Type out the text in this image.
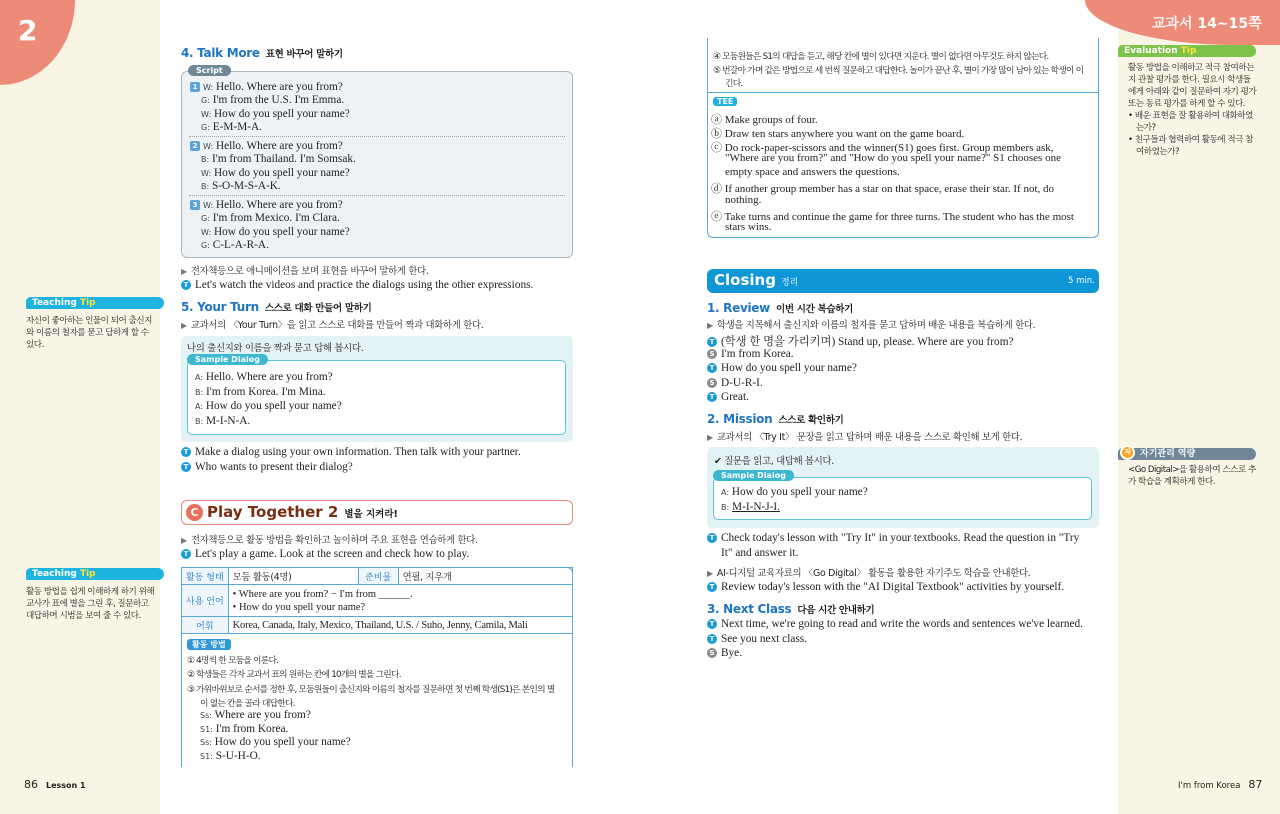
2	교과서 14~15쪽
Teaching Tip
자신이 좋아하는 인물이 되어 출신지
와 이름의 철자를 묻고 답하게 할 수
있다.
Teaching Tip
활동 방법을 쉽게 이해하게 하기 위해
교사가 표에 별을 그린 후, 질문하고
대답하며 시범을 보여 줄 수 있다.
Evaluation Tip
활동 방법을 이해하고 적극 참여하는
지 관찰 평가를 한다. 필요시 학생들
에게 아래와 같이 질문하여 자기 평가
또는 동료 평가를 하게 할 수 있다.
• 배운 표현을 잘 활용하여 대화하였
는가?
• 친구들과 협력하여 활동에 적극 참
여하였는가?
자기관리 역량
자
<Go Digital>을 활용하여 스스로 추
가 학습을 계획하게 한다.
4. Talk More 표현 바꾸어 말하기
Script
▶ 전자책등으로 애니메이션을 보며 표현을 바꾸어 말하게 한다.
T Let's watch the videos and practice the dialogs using the other expressions.
5. Your Turn 스스로 대화 만들어 말하기
▶ 교과서의 〈Your Turn〉을 읽고 스스로 대화를 만들어 짝과 대화하게 한다.
나의 출신지와 이름을 짝과 묻고 답해 봅시다.
Sample Dialog
T Make a dialog using your own information. Then talk with your partner.
T Who wants to present their dialog?
C Play Together 2 별을 지켜라!
▶ 전자책등으로 활동 방법을 확인하고 놀이하며 주요 표현을 연습하게 한다.
T Let's play a game. Look at the screen and check how to play.
활동 형태	모둠 활동(4명)	준비물	연필, 지우개
사용 언어	• Where are you from? − I'm from ______.
• How do you spell your name?		

어휘	Korea, Canada, Italy, Mexico, Thailand, U.S. / Suho, Jenny, Camila, Mali		
활동 방법
TEE
Closing 정리	5 min.
1. Review 이번 시간 복습하기
▶ 학생을 지목해서 출신지와 이름의 철자를 묻고 답하며 배운 내용을 복습하게 한다.
2. Mission 스스로 확인하기
▶ 교과서의 〈Try It〉 문장을 읽고 답하며 배운 내용을 스스로 확인해 보게 한다.
✔ 질문을 읽고, 대답해 봅시다.
Sample Dialog
A: How do you spell your name?
B: M-I-N-J-I.
T Check today's lesson with "Try It" in your textbooks. Read the question in "Try
It" and answer it.
▶ AI-디지털 교육자료의 〈Go Digital〉 활동을 활용한 자기주도 학습을 안내한다.
T Review today's lesson with the "AI Digital Textbook" activities by yourself.
3. Next Class 다음 시간 안내하기
86 Lesson 1	I'm from Korea 87
1 W: Hello. Where are you from?
G: I'm from the U.S. I'm Emma.
W: How do you spell your name?
G: E-M-M-A.
2 W: Hello. Where are you from?
B: I'm from Thailand. I'm Somsak.
W: How do you spell your name?
B: S-O-M-S-A-K.
3 W: Hello. Where are you from?
G: I'm from Mexico. I'm Clara.
W: How do you spell your name?
G: C-L-A-R-A.
A: Hello. Where are you from?
B: I'm from Korea. I'm Mina.
A: How do you spell your name?
B: M-I-N-A.
① 4명씩 한 모둠을 이룬다.
② 학생들은 각자 교과서 표의 원하는 칸에 10개의 별을 그린다.
③ 가위바위보로 순서를 정한 후, 모둠원들이 출신지와 이름의 철자를 질문하면 첫 번째 학생(S1)은 본인의 별
이 없는 칸을 골라 대답한다.
Ss: Where are you from?
S1: I'm from Korea.
Ss: How do you spell your name?
S1: S-U-H-O.
④ 모둠원들은 S1의 대답을 듣고, 해당 칸에 별이 있다면 지운다. 별이 없다면 아무것도 하지 않는다.
⑤ 번갈아 가며 같은 방법으로 세 번씩 질문하고 대답한다. 놀이가 끝난 후, 별이 가장 많이 남아 있는 학생이 이
긴다.
ⓐ Make groups of four.
ⓑ Draw ten stars anywhere you want on the game board.
ⓒ Do rock-paper-scissors and the winner(S1) goes first. Group members ask,
"Where are you from?" and "How do you spell your name?" S1 chooses one
empty space and answers the questions.
ⓓ If another group member has a star on that space, erase their star. If not, do
nothing.
ⓔ Take turns and continue the game for three turns. The student who has the most
stars wins.
T (학생 한 명을 가리키며) Stand up, please. Where are you from?
S I'm from Korea.
T How do you spell your name?
S D-U-R-I.
T Great.
T Next time, we're going to read and write the words and sentences we've learned.
T See you next class.
S Bye.
